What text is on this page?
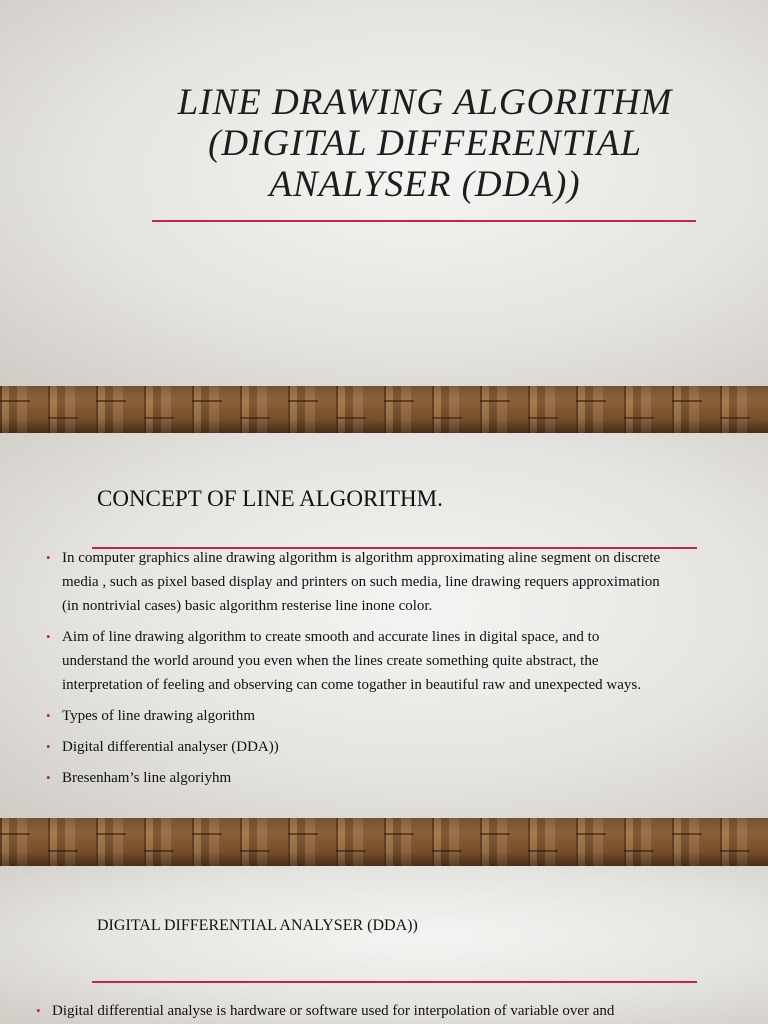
LINE DRAWING ALGORITHM (DIGITAL DIFFERENTIAL ANALYSER (DDA))
CONCEPT OF LINE ALGORITHM.
• In computer graphics aline drawing algorithm is algorithm approximating aline segment on discrete media , such as pixel based display and printers on such media, line drawing requers approximation (in nontrivial cases) basic algorithm resterise line inone color.
• Aim of line drawing algorithm to create smooth and accurate lines in digital space, and to understand the world around you even when the lines create something quite abstract, the interpretation of feeling and observing can come togather in beautiful raw and unexpected ways.
• Types of line drawing algorithm
• Digital differential analyser (DDA))
• Bresenham’s line algoriyhm
DIGITAL DIFFERENTIAL ANALYSER (DDA))
• Digital differential analyse is hardware or software used for interpolation of variable over and
